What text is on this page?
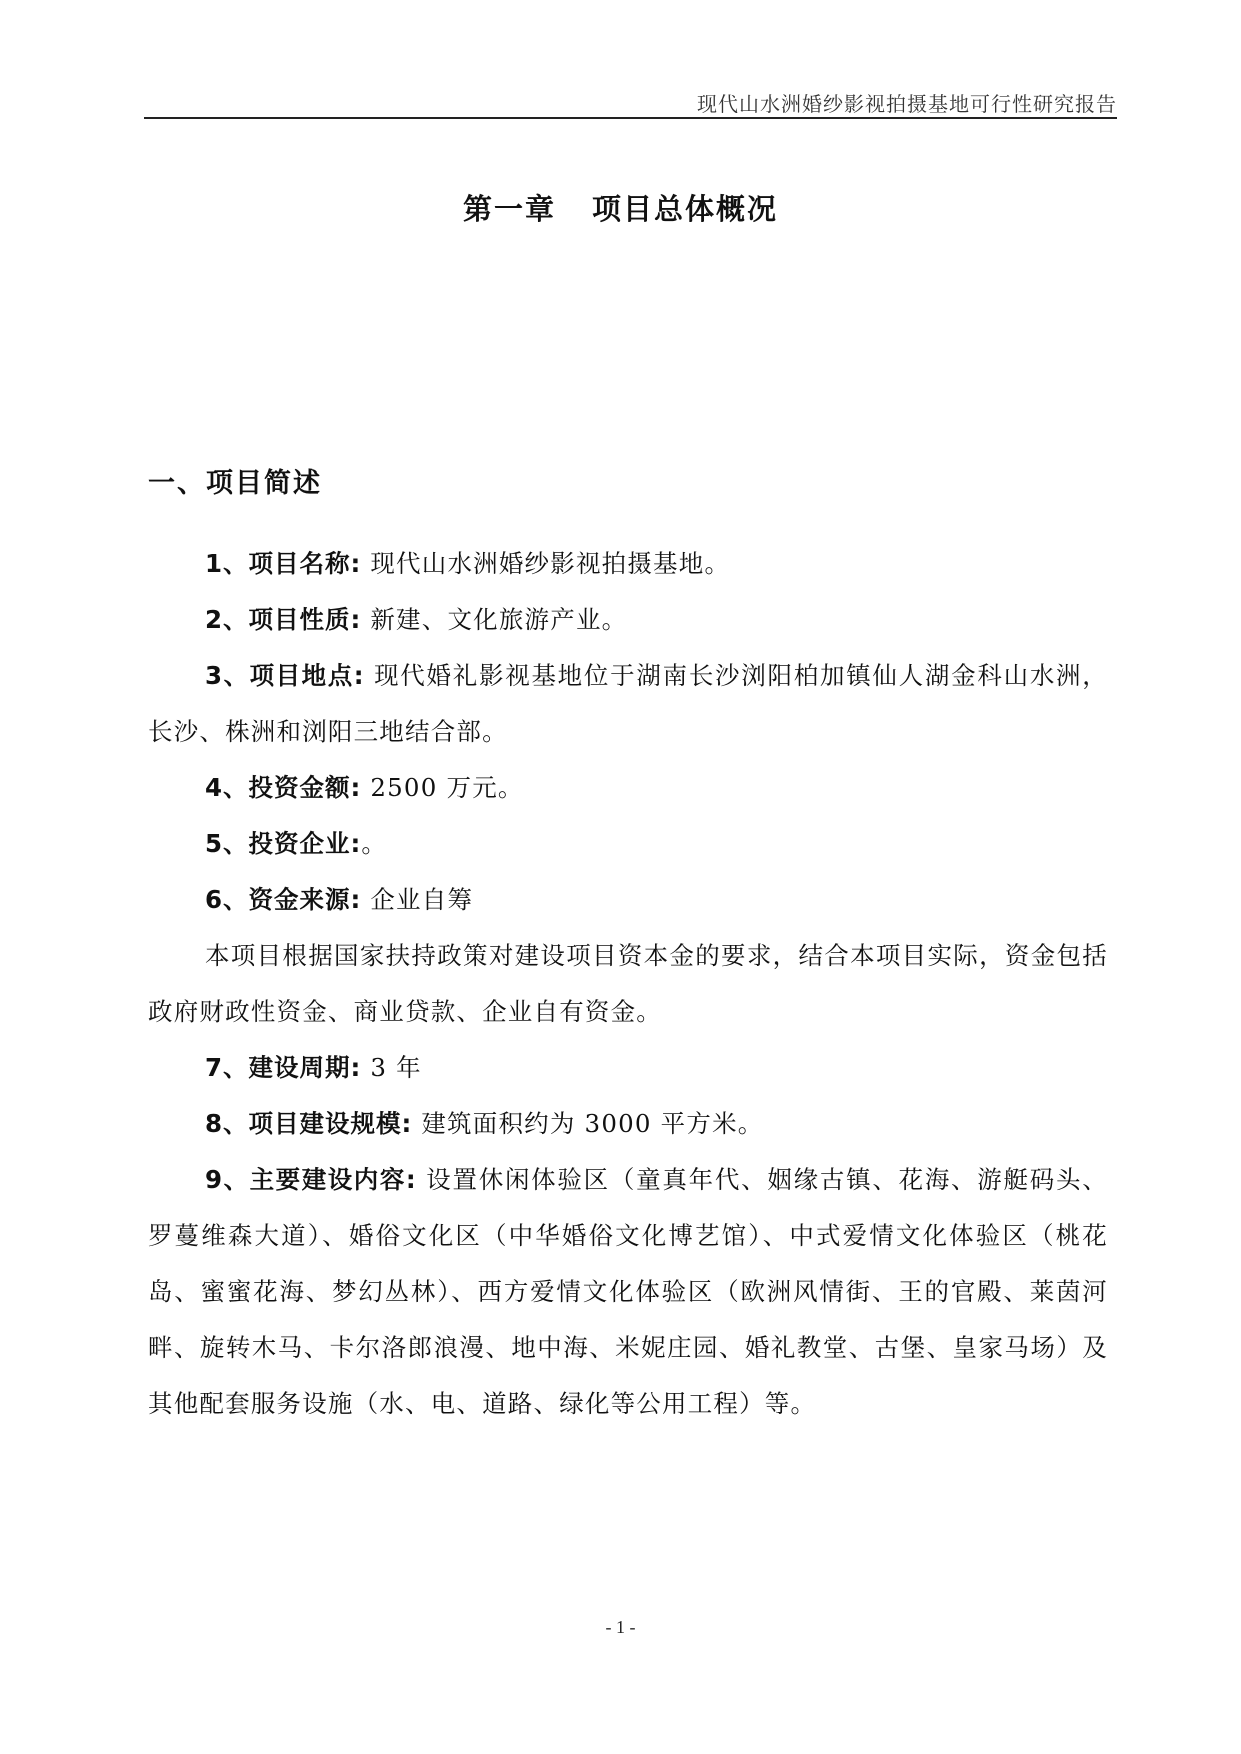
现代山水洲婚纱影视拍摄基地可行性研究报告
第一章 项目总体概况
一、项目简述

1、项目名称: 现代山水洲婚纱影视拍摄基地。

2、项目性质: 新建、文化旅游产业。

3、项目地点: 现代婚礼影视基地位于湖南长沙浏阳柏加镇仙人湖金科山水洲，长沙、株洲和浏阳三地结合部。

4、投资金额: 2500 万元。

5、投资企业:。

6、资金来源: 企业自筹

本项目根据国家扶持政策对建设项目资本金的要求，结合本项目实际，资金包括政府财政性资金、商业贷款、企业自有资金。

7、建设周期: 3 年

8、项目建设规模: 建筑面积约为 3000 平方米。

9、主要建设内容: 设置休闲体验区（童真年代、姻缘古镇、花海、游艇码头、罗蔓维森大道）、婚俗文化区（中华婚俗文化博艺馆）、中式爱情文化体验区（桃花岛、蜜蜜花海、梦幻丛林）、西方爱情文化体验区（欧洲风情街、王的官殿、莱茵河畔、旋转木马、卡尔洛郎浪漫、地中海、米妮庄园、婚礼教堂、古堡、皇家马场）及其他配套服务设施（水、电、道路、绿化等公用工程）等。

- 1 -
